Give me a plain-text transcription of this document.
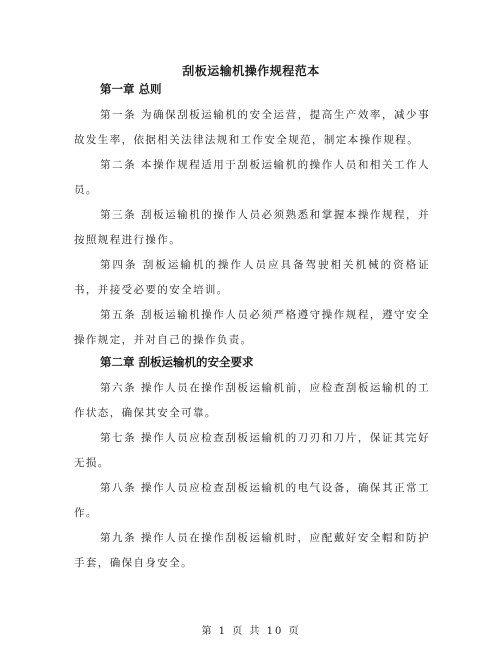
刮板运输机操作规程范本
第一章 总则

第一条 为确保刮板运输机的安全运营，提高生产效率，减少事故发生率，依据相关法律法规和工作安全规范，制定本操作规程。

第二条 本操作规程适用于刮板运输机的操作人员和相关工作人员。

第三条 刮板运输机的操作人员必须熟悉和掌握本操作规程，并按照规程进行操作。

第四条 刮板运输机的操作人员应具备驾驶相关机械的资格证书，并接受必要的安全培训。

第五条 刮板运输机操作人员必须严格遵守操作规程，遵守安全操作规定，并对自己的操作负责。

第二章 刮板运输机的安全要求

第六条 操作人员在操作刮板运输机前，应检查刮板运输机的工作状态，确保其安全可靠。

第七条 操作人员应检查刮板运输机的刀刃和刀片，保证其完好无损。

第八条 操作人员应检查刮板运输机的电气设备，确保其正常工作。

第九条 操作人员在操作刮板运输机时，应配戴好安全帽和防护手套，确保自身安全。

第 1 页 共 10 页
